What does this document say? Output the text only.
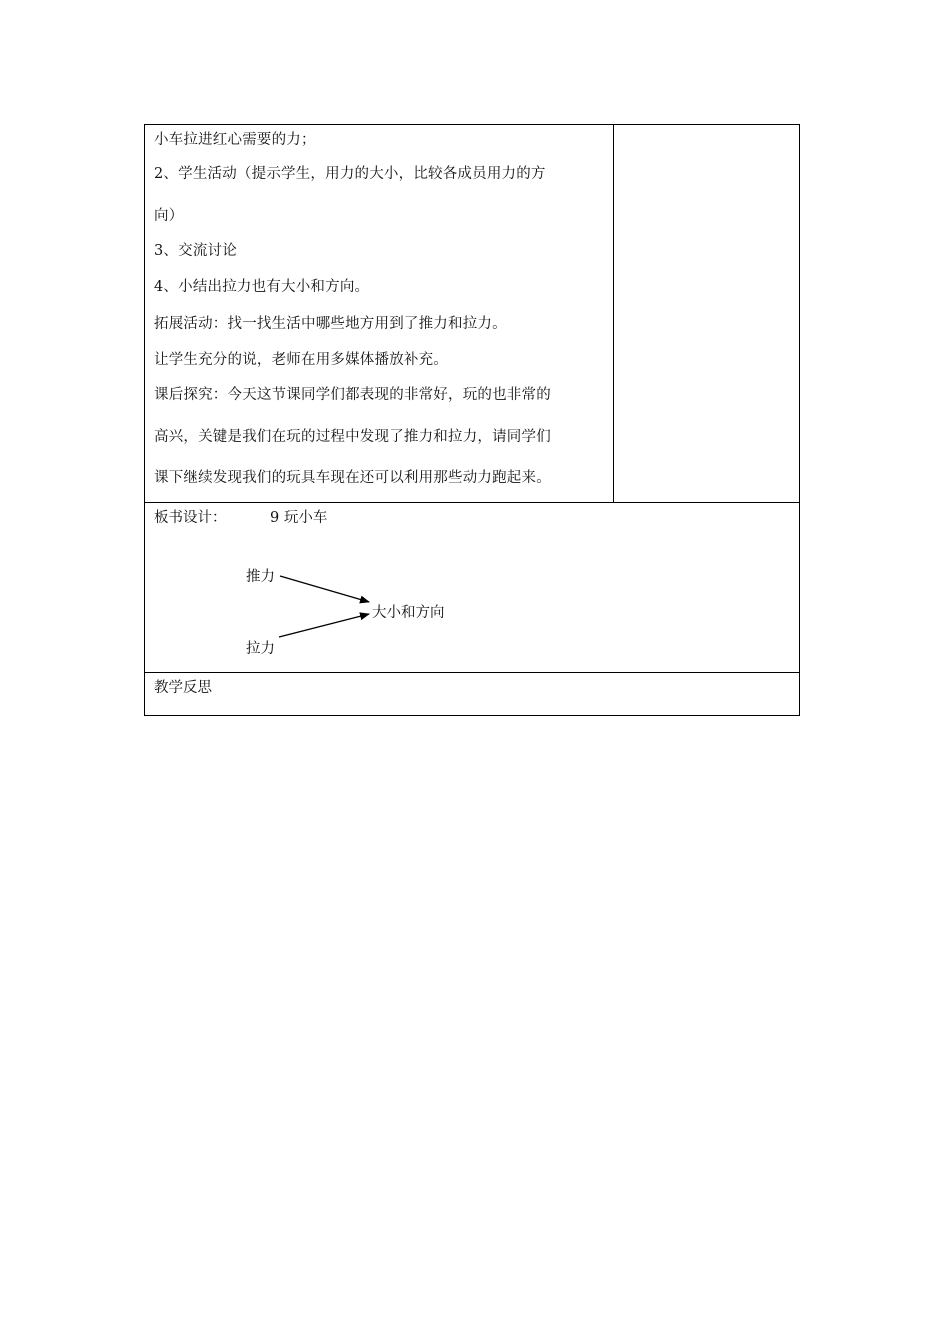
小车拉进红心需要的力；
2、学生活动（提示学生，用力的大小，比较各成员用力的方
向）
3、交流讨论
4、小结出拉力也有大小和方向。
拓展活动：找一找生活中哪些地方用到了推力和拉力。
让学生充分的说，老师在用多媒体播放补充。
课后探究：今天这节课同学们都表现的非常好，玩的也非常的
高兴，关键是我们在玩的过程中发现了推力和拉力，请同学们
课下继续发现我们的玩具车现在还可以利用那些动力跑起来。
板书设计：	9 玩小车
推力
大小和方向
拉力
教学反思
